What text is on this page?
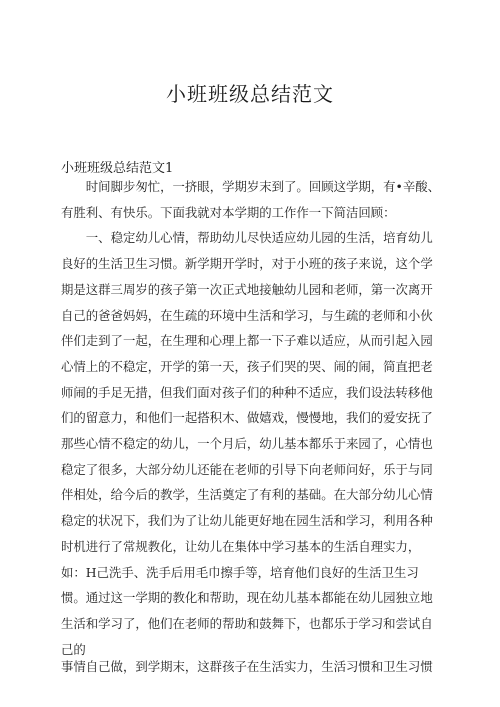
小班班级总结范文
小班班级总结范文1

时间脚步匆忙，一挤眼，学期岁末到了。回顾这学期，有•辛酸、有胜利、有快乐。下面我就对本学期的工作作一下简洁回顾：

一、稳定幼儿心情，帮助幼儿尽快适应幼儿园的生活，培育幼儿良好的生活卫生习惯。新学期开学时，对于小班的孩子来说，这个学期是这群三周岁的孩子第一次正式地接触幼儿园和老师，第一次离开自己的爸爸妈妈，在生疏的环境中生活和学习，与生疏的老师和小伙伴们走到了一起，在生理和心理上都一下子难以适应，从而引起入园心情上的不稳定，开学的第一天，孩子们哭的哭、闹的闹，简直把老师闹的手足无措，但我们面对孩子们的种种不适应，我们设法转移他们的留意力，和他们一起搭积木、做嬉戏，慢慢地，我们的爱安抚了那些心情不稳定的幼儿，一个月后，幼儿基本都乐于来园了，心情也稳定了很多，大部分幼儿还能在老师的引导下向老师问好，乐于与同伴相处，给今后的教学，生活奠定了有利的基础。在大部分幼儿心情稳定的状况下，我们为了让幼儿能更好地在园生活和学习，利用各种时机进行了常规教化，让幼儿在集体中学习基本的生活自理实力，如：H己洗手、洗手后用毛巾擦手等，培育他们良好的生活卫生习惯。通过这一学期的教化和帮助，现在幼儿基本都能在幼儿园独立地生活和学习了，他们在老师的帮助和鼓舞下，也都乐于学习和尝试自己的

事情自己做，到学期末，这群孩子在生活实力，生活习惯和卫生习惯
